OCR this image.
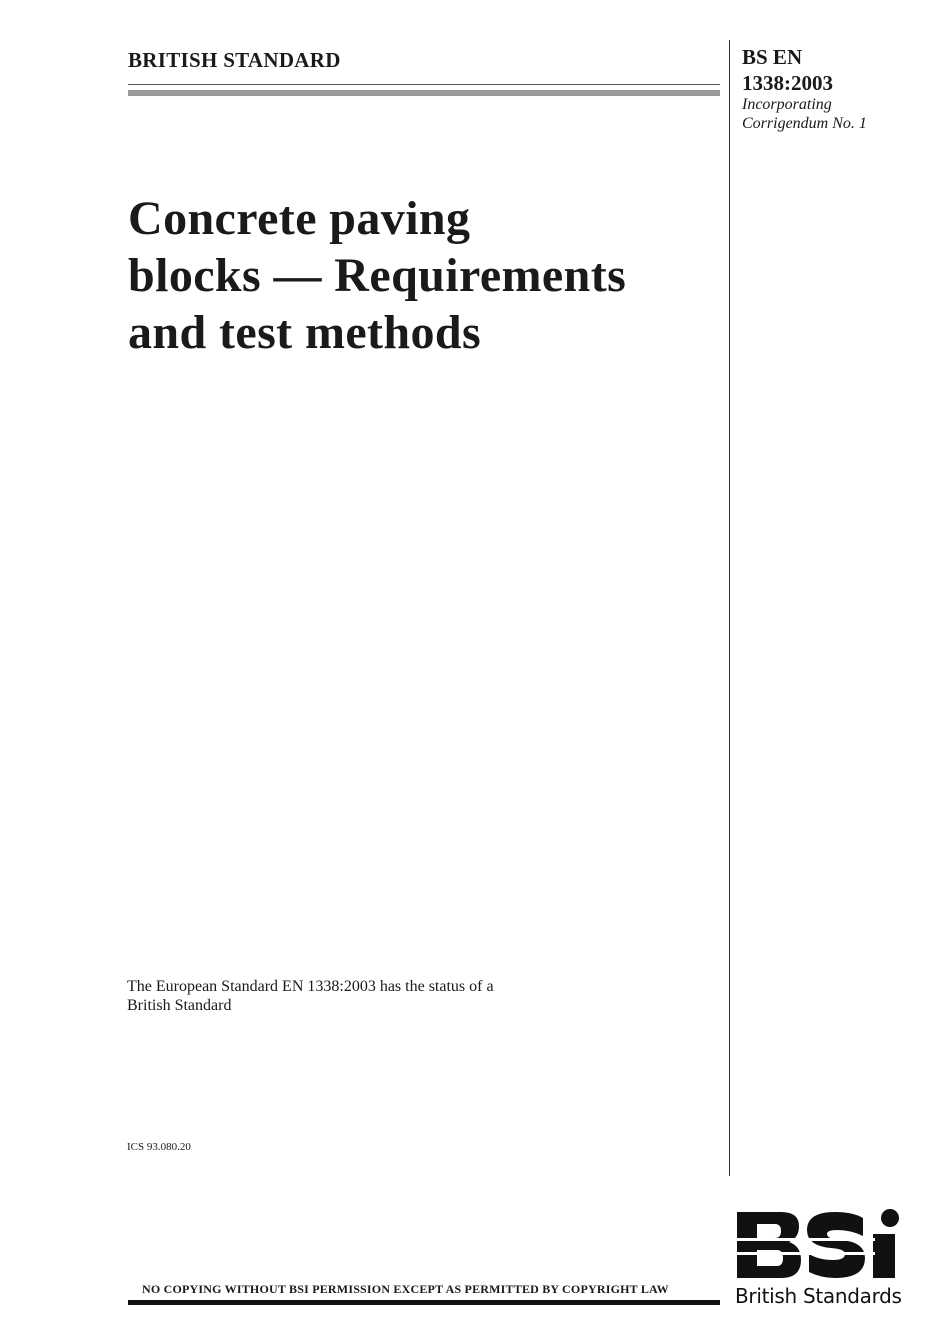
BRITISH STANDARD	BS EN
1338:2003
Incorporating
Corrigendum No. 1
Concrete paving
blocks — Requirements
and test methods
The European Standard EN 1338:2003 has the status of a
British Standard
ICS 93.080.20
NO COPYING WITHOUT BSI PERMISSION EXCEPT AS PERMITTED BY COPYRIGHT LAW	British Standards
